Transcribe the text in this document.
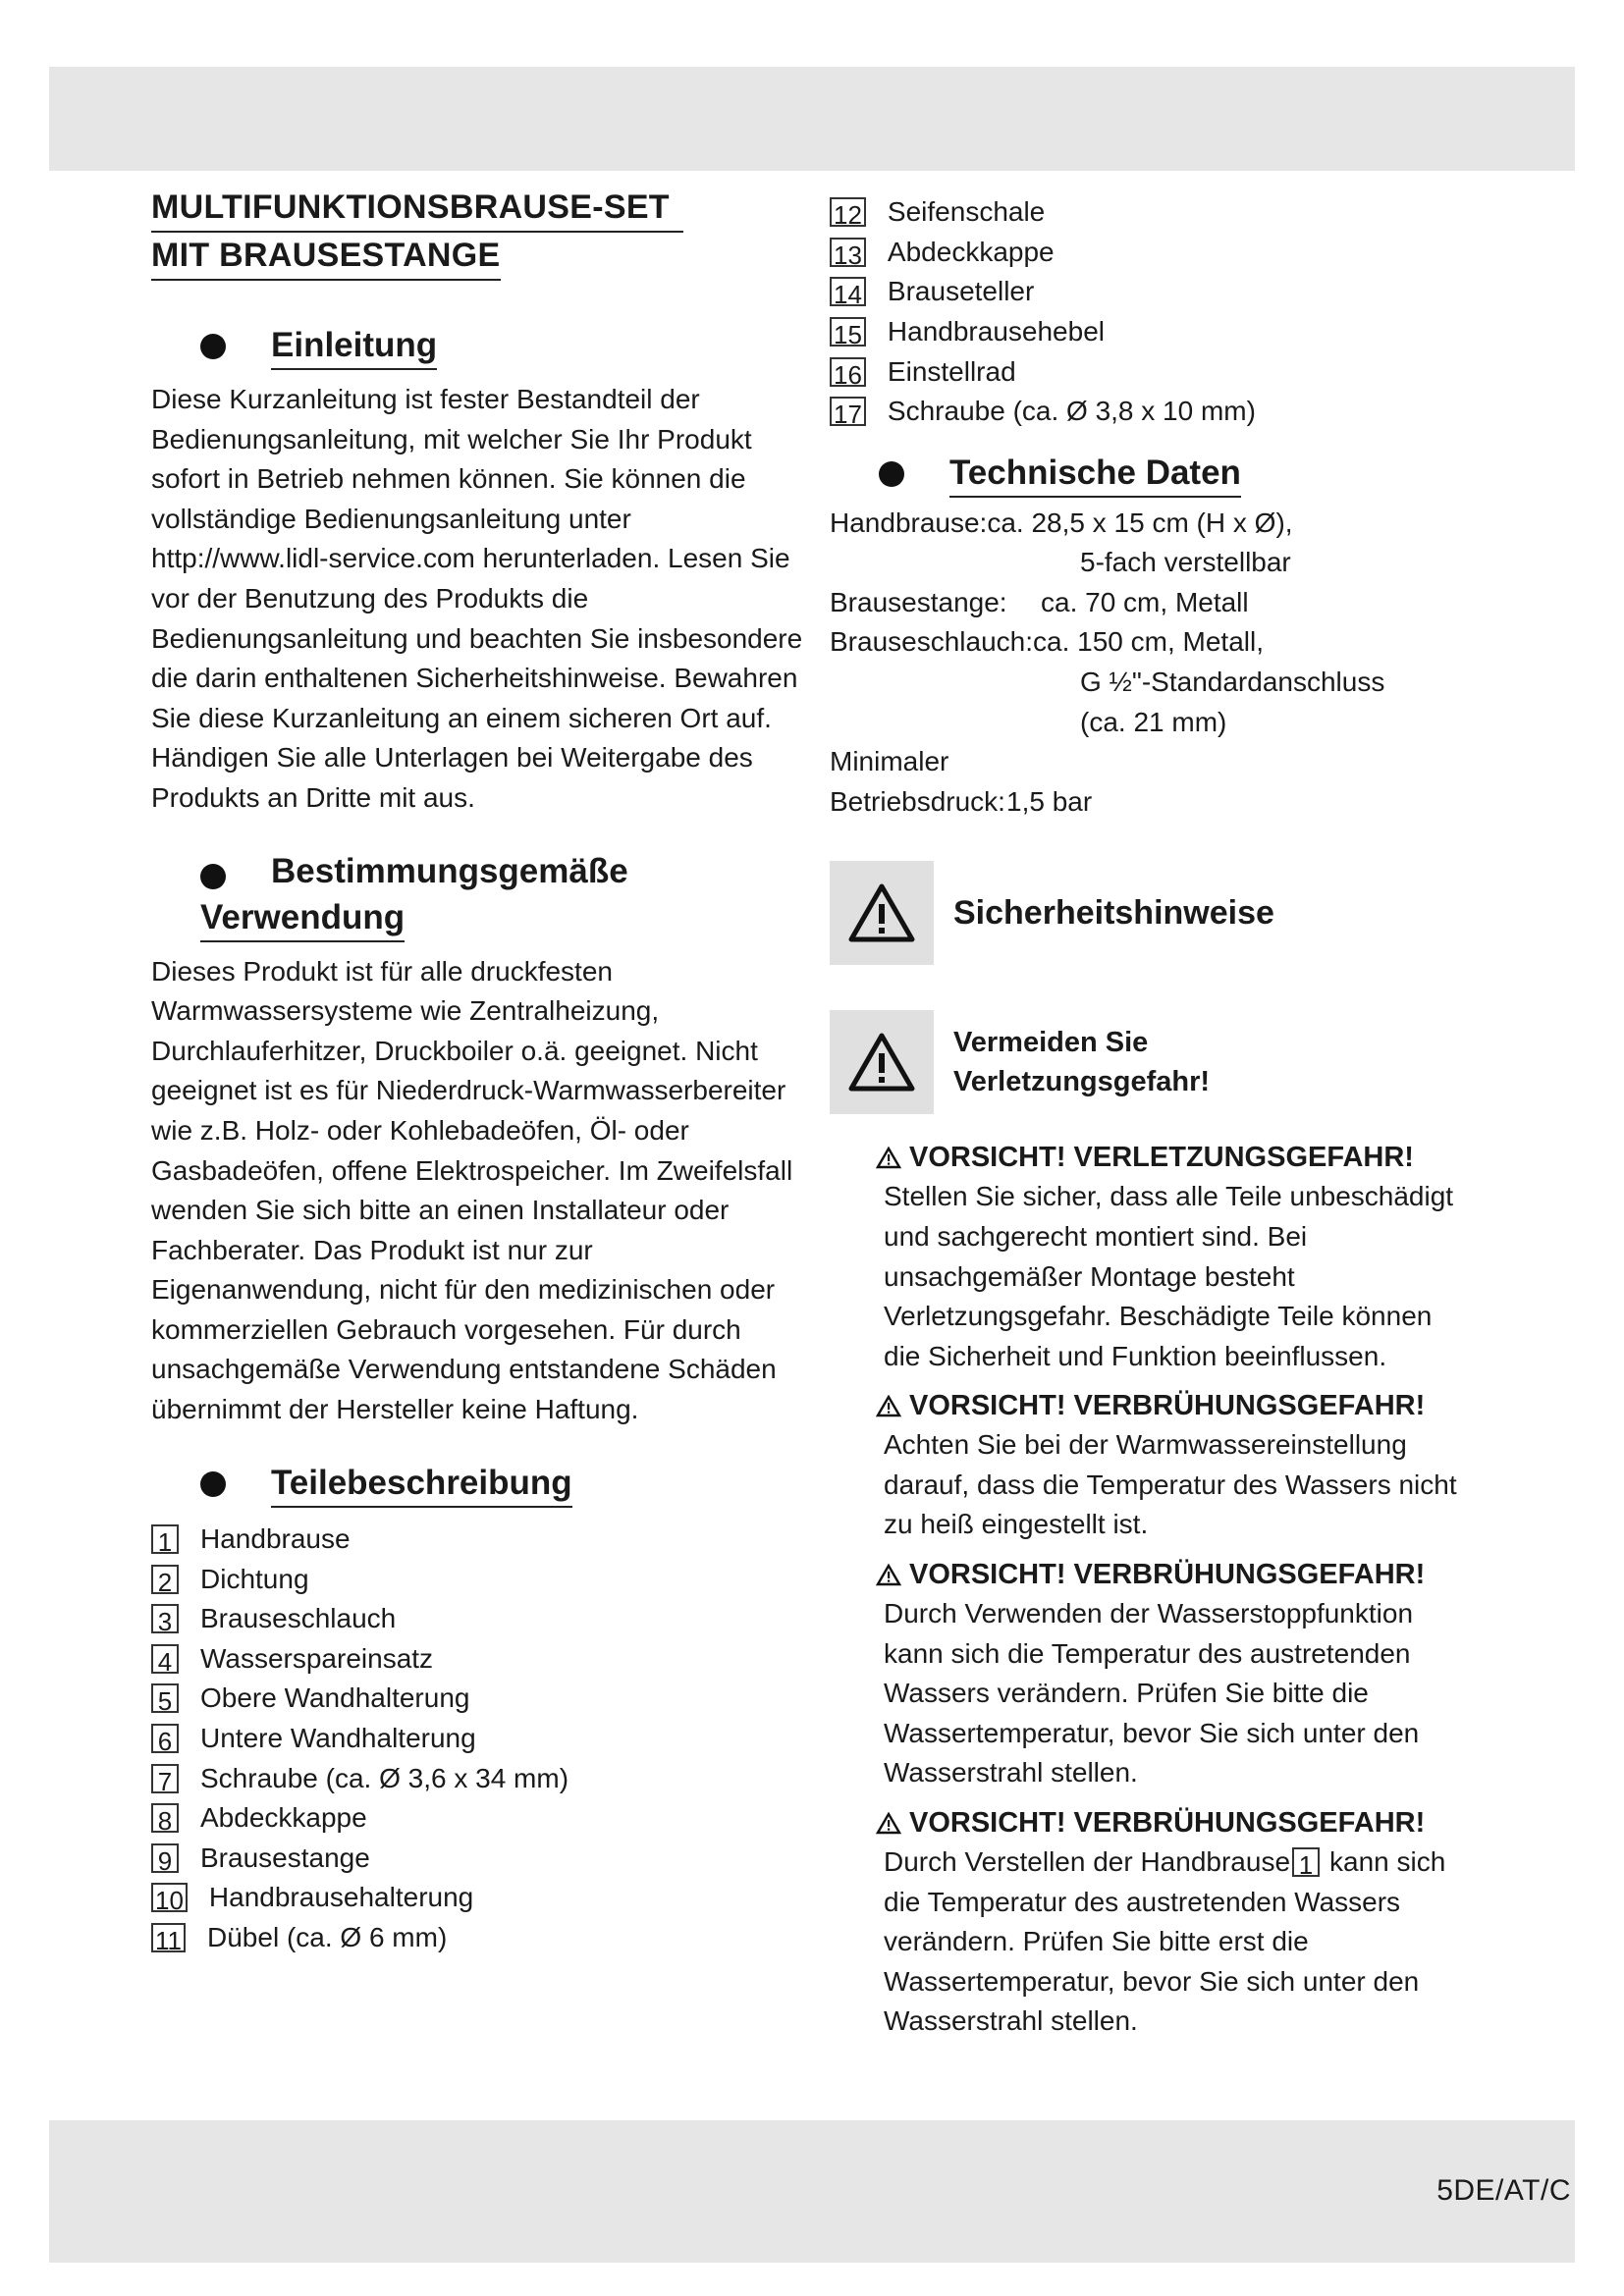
MULTIFUNKTIONSBRAUSE-SET
MIT BRAUSESTANGE
Einleitung

Diese Kurzanleitung ist fester Bestandteil der Bedienungsanleitung, mit welcher Sie Ihr Produkt sofort in Betrieb nehmen können. Sie können die vollständige Bedienungsanleitung unter http://www.lidl-service.com herunterladen. Lesen Sie vor der Benutzung des Produkts die Bedienungsanleitung und beachten Sie insbesondere die darin enthaltenen Sicherheitshinweise. Bewahren Sie diese Kurzanleitung an einem sicheren Ort auf. Händigen Sie alle Unterlagen bei Weitergabe des Produkts an Dritte mit aus.

Bestimmungsgemäße
Verwendung

Dieses Produkt ist für alle druckfesten Warmwassersysteme wie Zentralheizung, Durchlauferhitzer, Druckboiler o.ä. geeignet. Nicht geeignet ist es für Niederdruck-Warmwasserbereiter wie z.B. Holz- oder Kohlebadeöfen, Öl- oder Gasbadeöfen, offene Elektrospeicher. Im Zweifelsfall wenden Sie sich bitte an einen Installateur oder Fachberater. Das Produkt ist nur zur Eigenanwendung, nicht für den medizinischen oder kommerziellen Gebrauch vorgesehen. Für durch unsachgemäße Verwendung entstandene Schäden übernimmt der Hersteller keine Haftung.

Teilebeschreibung
1 Handbrause
2 Dichtung
3 Brauseschlauch
4 Wasserspareinsatz
5 Obere Wandhalterung
6 Untere Wandhalterung
7 Schraube (ca. Ø 3,6 x 34 mm)
8 Abdeckkappe
9 Brausestange
10 Handbrausehalterung
11 Dübel (ca. Ø 6 mm)
12 Seifenschale
13 Abdeckkappe
14 Brauseteller
15 Handbrausehebel
16 Einstellrad
17 Schraube (ca. Ø 3,8 x 10 mm)
Technische Daten
Handbrause: ca. 28,5 x 15 cm (H x Ø),
5-fach verstellbar
Brausestange:	ca. 70 cm, Metall
Brauseschlauch: ca. 150 cm, Metall,
G ½"-Standardanschluss
(ca. 21 mm)
Minimaler
Betriebsdruck: 1,5 bar
Sicherheitshinweise
Vermeiden Sie
Verletzungsgefahr!
VORSICHT! VERLETZUNGSGEFAHR!

Stellen Sie sicher, dass alle Teile unbeschädigt und sachgerecht montiert sind. Bei unsachgemäßer Montage besteht Verletzungsgefahr. Beschädigte Teile können die Sicherheit und Funktion beeinflussen.

VORSICHT! VERBRÜHUNGSGEFAHR!

Achten Sie bei der Warmwassereinstellung darauf, dass die Temperatur des Wassers nicht zu heiß eingestellt ist.

VORSICHT! VERBRÜHUNGSGEFAHR!

Durch Verwenden der Wasserstoppfunktion kann sich die Temperatur des austretenden Wassers verändern. Prüfen Sie bitte die Wassertemperatur, bevor Sie sich unter den Wasserstrahl stellen.

VORSICHT! VERBRÜHUNGSGEFAHR!

Durch Verstellen der Handbrause 1 kann sich die Temperatur des austretenden Wassers verändern. Prüfen Sie bitte erst die Wassertemperatur, bevor Sie sich unter den Wasserstrahl stellen.

5DE/AT/C
